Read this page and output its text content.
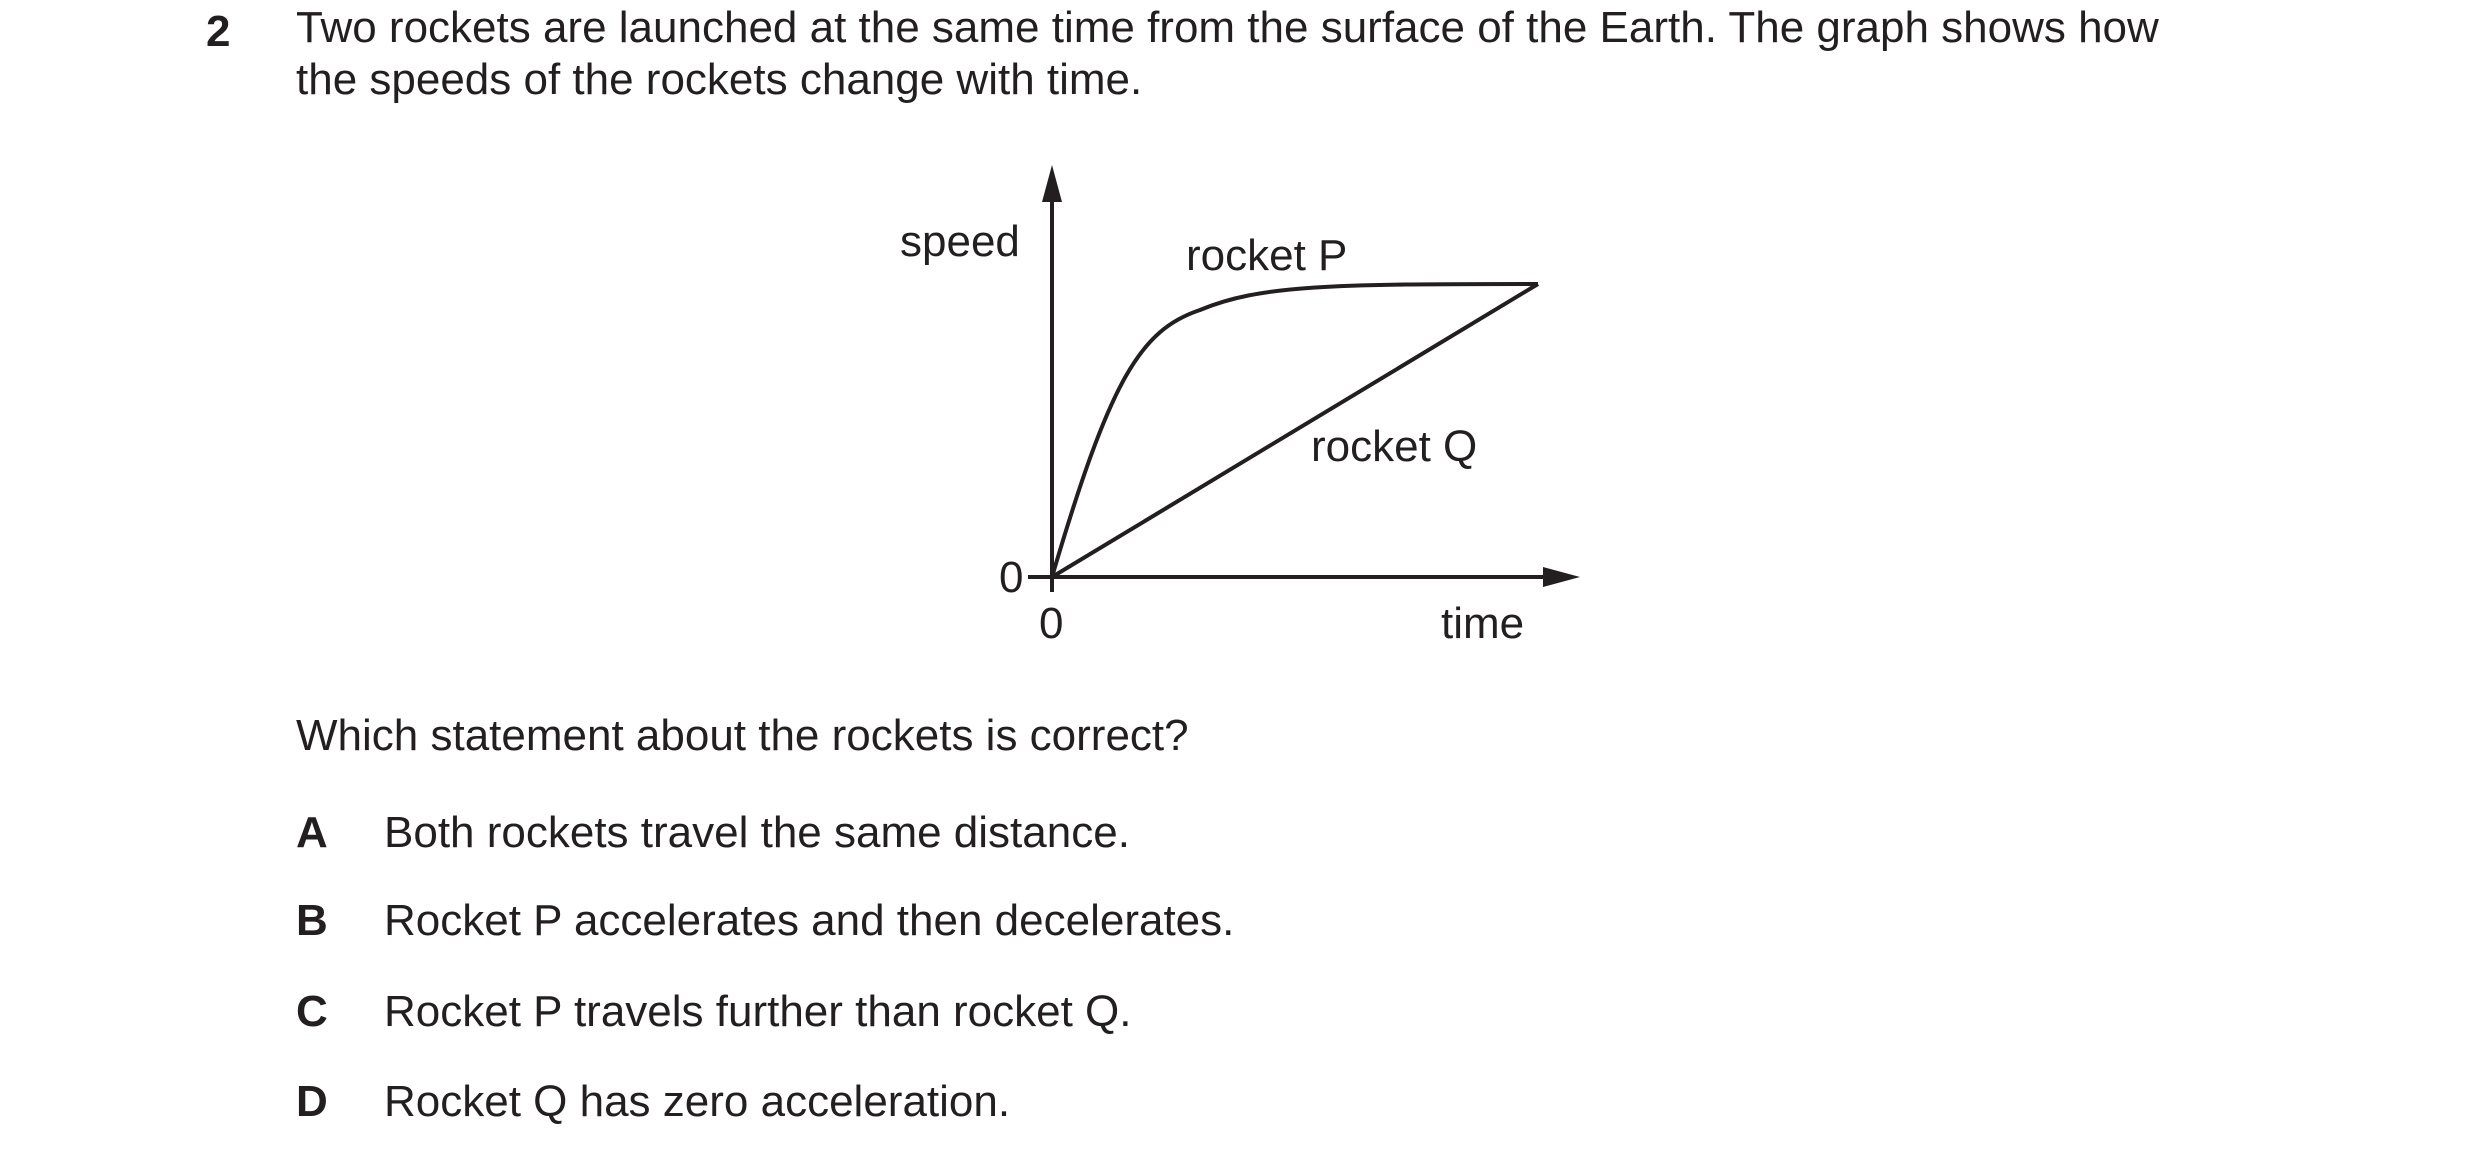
2 Two rockets are launched at the same time from the surface of the Earth. The graph shows how
the speeds of the rockets change with time.
speed
time
0
0
rocket P
rocket Q
Which statement about the rockets is correct?
A Both rockets travel the same distance.
B Rocket P accelerates and then decelerates.
C Rocket P travels further than rocket Q.
D Rocket Q has zero acceleration.
